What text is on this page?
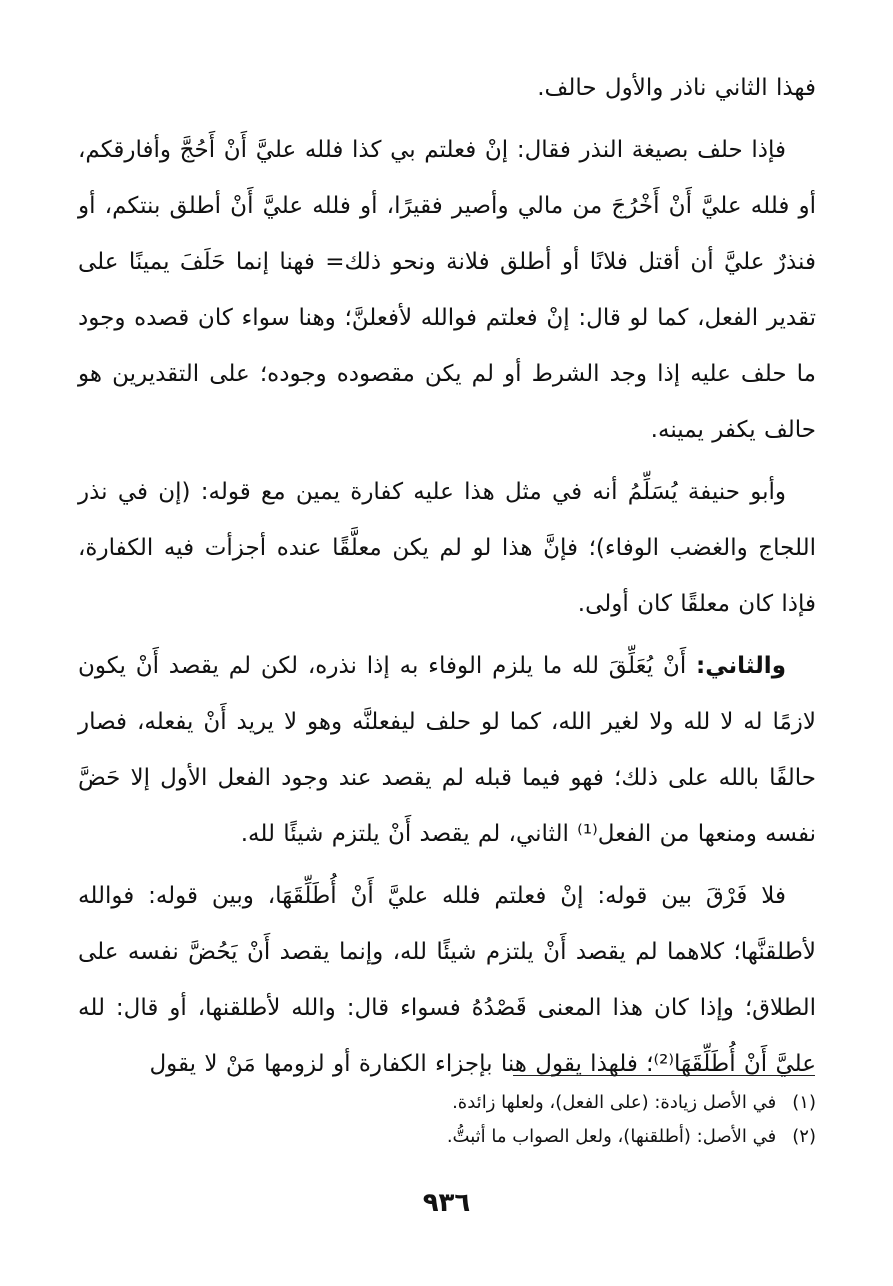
فهذا الثاني ناذر والأول حالف.

فإذا حلف بصيغة النذر فقال: إنْ فعلتم بي كذا فلله عليَّ أَنْ أَحُجَّ وأفارقكم، أو فلله عليَّ أَنْ أَخْرُجَ من مالي وأصير فقيرًا، أو فلله عليَّ أَنْ أطلق بنتكم، أو فنذرٌ عليَّ أن أقتل فلانًا أو أطلق فلانة ونحو ذلك= فهنا إنما حَلَفَ يمينًا على تقدير الفعل، كما لو قال: إنْ فعلتم فوالله لأفعلنَّ؛ وهنا سواء كان قصده وجود ما حلف عليه إذا وجد الشرط أو لم يكن مقصوده وجوده؛ على التقديرين هو حالف يكفر يمينه.

وأبو حنيفة يُسَلِّمُ أنه في مثل هذا عليه كفارة يمين مع قوله: (إن في نذر اللجاج والغضب الوفاء)؛ فإنَّ هذا لو لم يكن معلَّقًا عنده أجزأت فيه الكفارة، فإذا كان معلقًا كان أولى.

والثاني: أَنْ يُعَلِّقَ لله ما يلزم الوفاء به إذا نذره، لكن لم يقصد أَنْ يكون لازمًا له لا لله ولا لغير الله، كما لو حلف ليفعلنَّه وهو لا يريد أَنْ يفعله، فصار حالفًا بالله على ذلك؛ فهو فيما قبله لم يقصد عند وجود الفعل الأول إلا حَضَّ نفسه ومنعها من الفعل⁽¹⁾ الثاني، لم يقصد أَنْ يلتزم شيئًا لله.

فلا فَرْقَ بين قوله: إنْ فعلتم فلله عليَّ أَنْ أُطَلِّقَهَا، وبين قوله: فوالله لأطلقنَّها؛ كلاهما لم يقصد أَنْ يلتزم شيئًا لله، وإنما يقصد أَنْ يَحُضَّ نفسه على الطلاق؛ وإذا كان هذا المعنى قَصْدُهُ فسواء قال: والله لأطلقنها، أو قال: لله عليَّ أَنْ أُطَلِّقَهَا⁽²⁾؛ فلهذا يقول هنا بإجزاء الكفارة أو لزومها مَنْ لا يقول

(١) في الأصل زيادة: (على الفعل)، ولعلها زائدة.

(٢) في الأصل: (أطلقنها)، ولعل الصواب ما أثبتُّ.

٩٣٦
